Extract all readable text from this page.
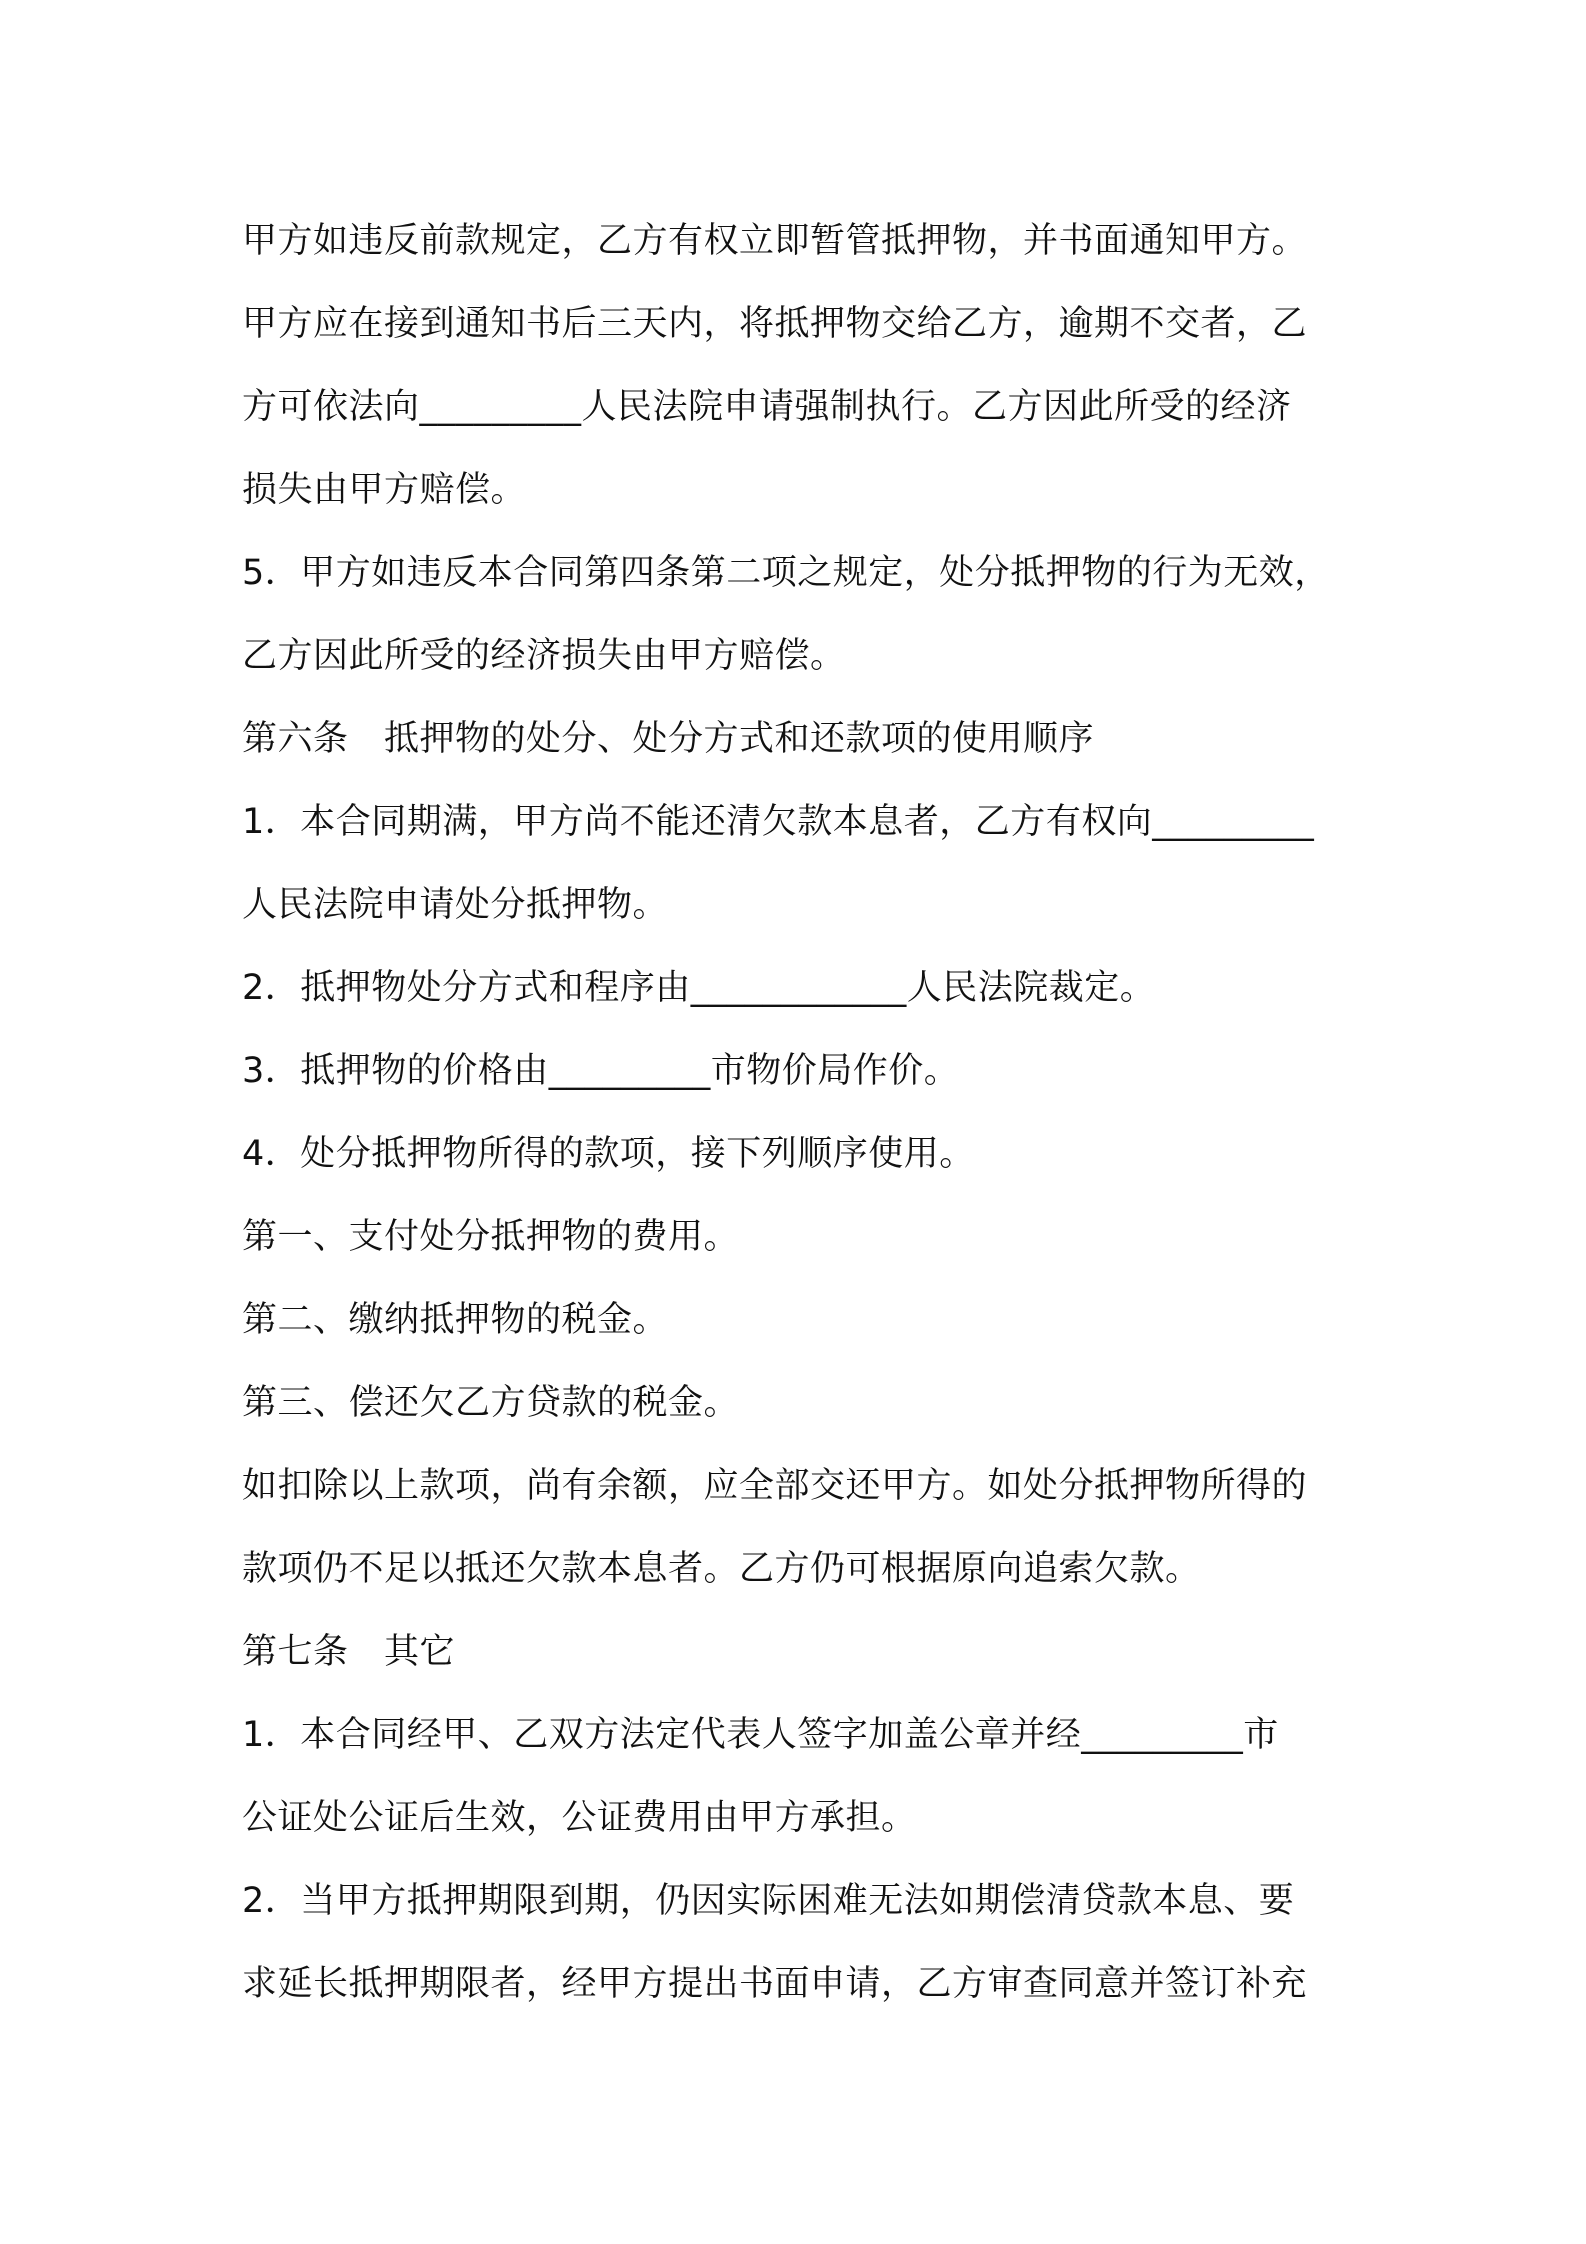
甲方如违反前款规定，乙方有权立即暂管抵押物，并书面通知甲方。
甲方应在接到通知书后三天内，将抵押物交给乙方，逾期不交者，乙
方可依法向_________人民法院申请强制执行。乙方因此所受的经济
损失由甲方赔偿。
5．甲方如违反本合同第四条第二项之规定，处分抵押物的行为无效，
乙方因此所受的经济损失由甲方赔偿。
第六条　抵押物的处分、处分方式和还款项的使用顺序
1．本合同期满，甲方尚不能还清欠款本息者，乙方有权向_________
人民法院申请处分抵押物。
2．抵押物处分方式和程序由____________人民法院裁定。
3．抵押物的价格由_________市物价局作价。
4．处分抵押物所得的款项，接下列顺序使用。
第一、支付处分抵押物的费用。
第二、缴纳抵押物的税金。
第三、偿还欠乙方贷款的税金。
如扣除以上款项，尚有余额，应全部交还甲方。如处分抵押物所得的
款项仍不足以抵还欠款本息者。乙方仍可根据原向追索欠款。
第七条　其它
1．本合同经甲、乙双方法定代表人签字加盖公章并经_________市
公证处公证后生效，公证费用由甲方承担。
2．当甲方抵押期限到期，仍因实际困难无法如期偿清贷款本息、要
求延长抵押期限者，经甲方提出书面申请，乙方审查同意并签订补充
